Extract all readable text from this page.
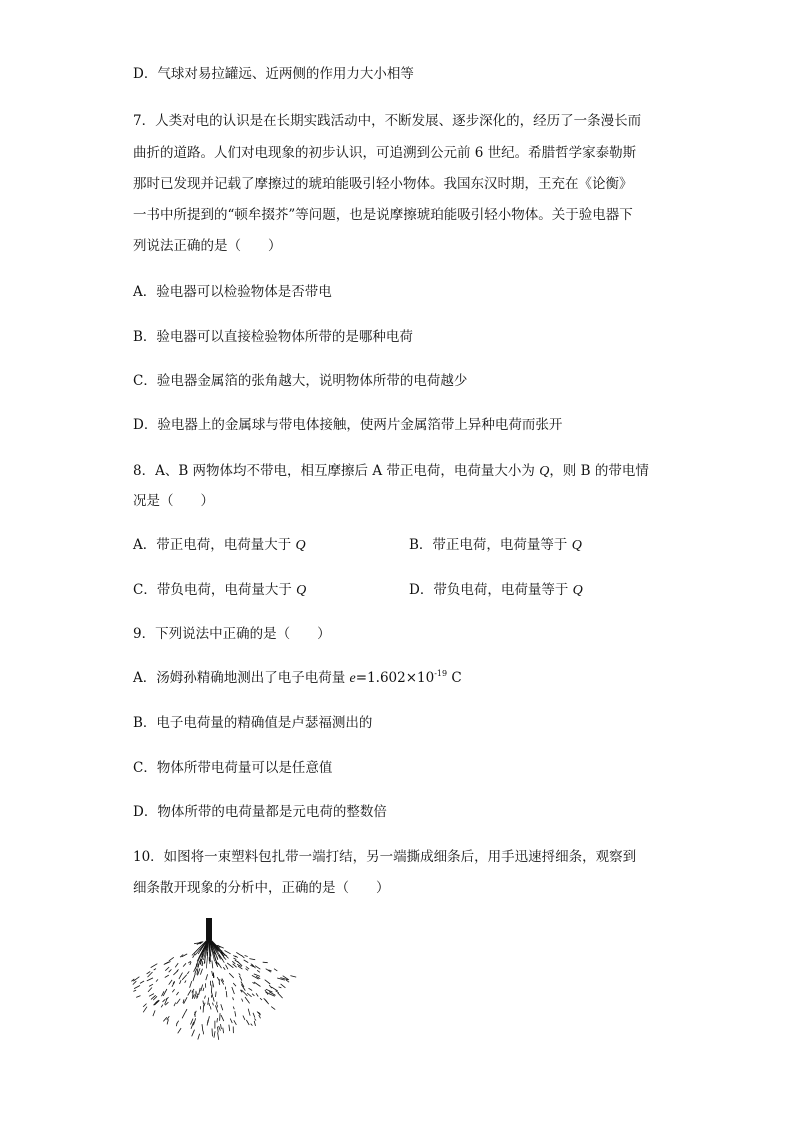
D．气球对易拉罐远、近两侧的作用力大小相等
7．人类对电的认识是在长期实践活动中，不断发展、逐步深化的，经历了一条漫长而
曲折的道路。人们对电现象的初步认识，可追溯到公元前 6 世纪。希腊哲学家泰勒斯
那时已发现并记载了摩擦过的琥珀能吸引轻小物体。我国东汉时期，王充在《论衡》
一书中所提到的“顿牟掇芥”等问题，也是说摩擦琥珀能吸引轻小物体。关于验电器下
列说法正确的是（　　）
A．验电器可以检验物体是否带电
B．验电器可以直接检验物体所带的是哪种电荷
C．验电器金属箔的张角越大，说明物体所带的电荷越少
D．验电器上的金属球与带电体接触，使两片金属箔带上异种电荷而张开
8．A、B 两物体均不带电，相互摩擦后 A 带正电荷，电荷量大小为 Q，则 B 的带电情
况是（　　）
A．带正电荷，电荷量大于 Q	B．带正电荷，电荷量等于 Q
C．带负电荷，电荷量大于 Q	D．带负电荷，电荷量等于 Q
9．下列说法中正确的是（　　）
A．汤姆孙精确地测出了电子电荷量 $e=1.602\times 10^{-19}$ C
B．电子电荷量的精确值是卢瑟福测出的
C．物体所带电荷量可以是任意值
D．物体所带的电荷量都是元电荷的整数倍
10．如图将一束塑料包扎带一端打结，另一端撕成细条后，用手迅速捋细条，观察到
细条散开现象的分析中，正确的是（　　）
